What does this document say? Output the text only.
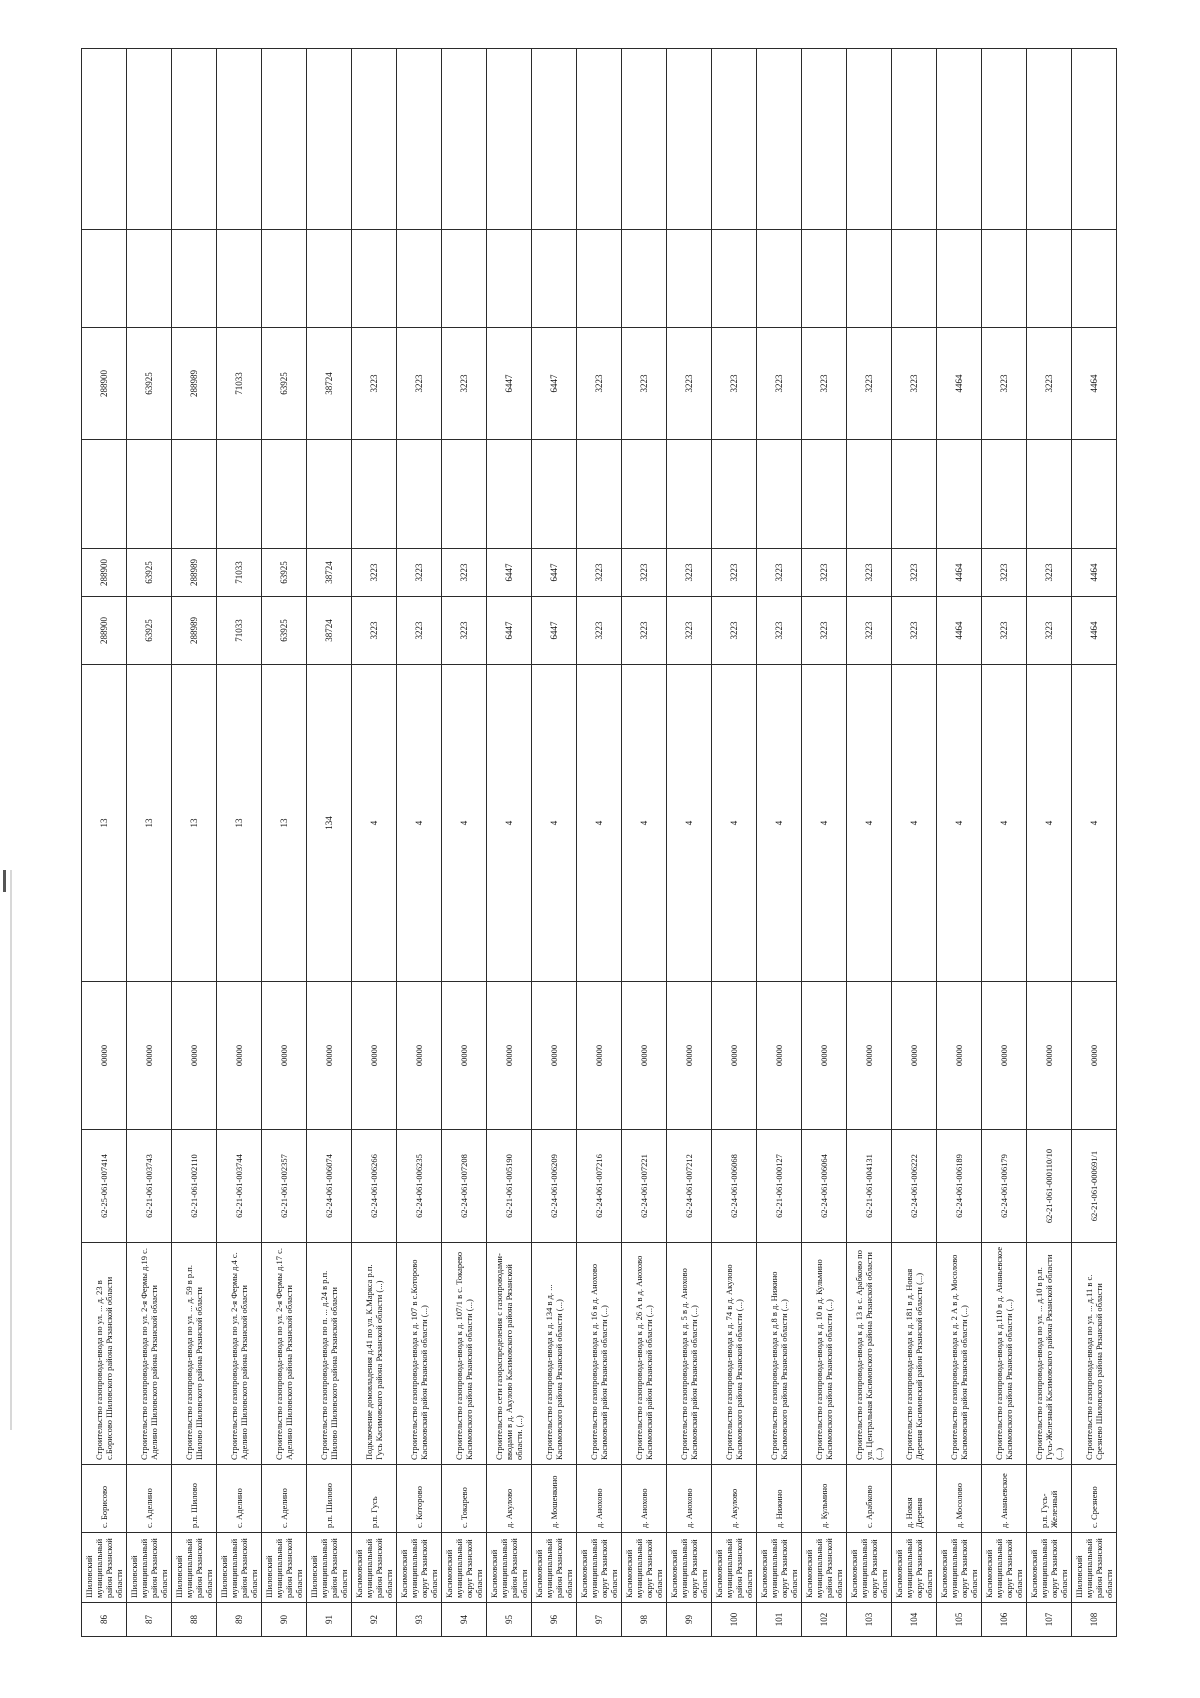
86	Шиловский муниципальный район Рязанской области	с. Борисово	Строительство газопровода-ввода по ул. ... д. 23 в с.Борисово Шиловского района Рязанской области	62-25-061-007414	00000	13	288900	288900		288900		
87	Шиловский муниципальный район Рязанской области	с. Аделино	Строительство газопровода-ввода по ул. 2-я Фермы д.19 с. Аделино Шиловского района Рязанской области	62-21-061-003743	00000	13	63925	63925		63925		
88	Шиловский муниципальный район Рязанской области	р.п. Шилово	Строительство газопровода-ввода по ул. ... д. 59 в р.п. Шилово Шиловского района Рязанской области	62-21-061-002110	00000	13	288989	288989		288989		
89	Шиловский муниципальный район Рязанской области	с. Аделино	Строительство газопровода-ввода по ул. 2-я Фермы д.4 с. Аделино Шиловского района Рязанской области	62-21-061-003744	00000	13	71033	71033		71033		
90	Шиловский муниципальный район Рязанской области	с. Аделино	Строительство газопровода-ввода по ул. 2-я Фермы д.17 с. Аделино Шиловского района Рязанской области	62-21-061-002357	00000	13	63925	63925		63925		
91	Шиловский муниципальный район Рязанской области	р.п. Шилово	Строительство газопровода-ввода по п. ... д.24 в р.п. Шилово Шиловского района Рязанской области	62-24-061-006074	00000	134	38724	38724		38724		
92	Касимовский муниципальный район Рязанской области	р.п. Гусь	Подключение домовладения д.41 по ул. К.Маркса р.п. Гусь Касимовского района Рязанской области (...)	62-24-061-006266	00000	4	3223	3223		3223		
93	Касимовский муниципальный округ Рязанской области	с. Которово	Строительство газопровода-ввода к д. 107 в с.Которово Касимовский район Рязанской области (...)	62-24-061-006235	00000	4	3223	3223		3223		
94	Касимовский муниципальный округ Рязанской области	с. Токарево	Строительство газопровода-ввода к д. 107/1 в с. Токарево Касимовского района Рязанской области (...)	62-24-061-007208	00000	4	3223	3223		3223		
95	Касимовский муниципальный район Рязанской области	д. Акулово	Строительство сети газораспределения с газопроводами-вводами в д. Акулово Касимовского района Рязанской области. (...)	62-21-061-005190	00000	4	6447	6447		6447		
96	Касимовский муниципальный район Рязанской области	д. Мошенкино	Строительство газопровода-ввода к д. 134 в д. ... Касимовского района Рязанской области (...)	62-24-061-006209	00000	4	6447	6447		6447		
97	Касимовский муниципальный округ Рязанской области	д. Анохово	Строительство газопровода-ввода к д. 16 в д. Анохово Касимовский район Рязанской области (...)	62-24-061-007216	00000	4	3223	3223		3223		
98	Касимовский муниципальный округ Рязанской области	д. Анохово	Строительство газопровода-ввода к д. 26 А в д. Анохово Касимовский район Рязанской области (...)	62-24-061-007221	00000	4	3223	3223		3223		
99	Касимовский муниципальный округ Рязанской области	д. Анохово	Строительство газопровода-ввода к д. 5 в д. Анохово Касимовский район Рязанской области (...)	62-24-061-007212	00000	4	3223	3223		3223		
100	Касимовский муниципальный район Рязанской области	д. Акулово	Строительство газопровода-ввода к д. 74 в д. Акулово Касимовского района Рязанской области (...)	62-24-061-006068	00000	4	3223	3223		3223		
101	Касимовский муниципальный округ Рязанской области	д. Нижино	Строительство газопровода-ввода к д.8 в д. Нижино Касимовского района Рязанской области (...)	62-21-061-000127	00000	4	3223	3223		3223		
102	Касимовский муниципальный район Рязанской области	д. Кульмино	Строительство газопровода-ввода к д. 10 в д. Кульмино Касимовского района Рязанской области (...)	62-24-061-006064	00000	4	3223	3223		3223		
103	Касимовский муниципальный округ Рязанской области	с. Арабково	Строительство газопровода-ввода к д. 13 в с. Арабково по ул. Центральная Касимовского района Рязанской области (...)	62-21-061-004131	00000	4	3223	3223		3223		
104	Касимовский муниципальный округ Рязанской области	д. Новая Деревня	Строительство газопровода-ввода к д. 181 в д. Новая Деревня Касимовский район Рязанской области (...)	62-24-061-006222	00000	4	3223	3223		3223		
105	Касимовский муниципальный округ Рязанской области	д. Мосолово	Строительство газопровода-ввода к д. 2 А в д. Мосолово Касимовский район Рязанской области (...)	62-24-061-006189	00000	4	4464	4464		4464		
106	Касимовский муниципальный округ Рязанской области	д. Ананьевское	Строительство газопровода-ввода к д.110 в д. Ананьевское Касимовского района Рязанской области (...)	62-24-061-006179	00000	4	3223	3223		3223		
107	Касимовский муниципальный округ Рязанской области	р.п. Гусь-Железный	Строительство газопровода-ввода по ул. ... д.10 в р.п. Гусь-Железный Касимовского района Рязанской области (...)	62-21-061-000110/10	00000	4	3223	3223		3223		
108	Шиловский муниципальный район Рязанской области	с. Срезнево	Строительство газопровода-ввода по ул. ... д.11 в с. Срезнево Шиловского района Рязанской области	62-21-061-000691/1	00000	4	4464	4464		4464		
